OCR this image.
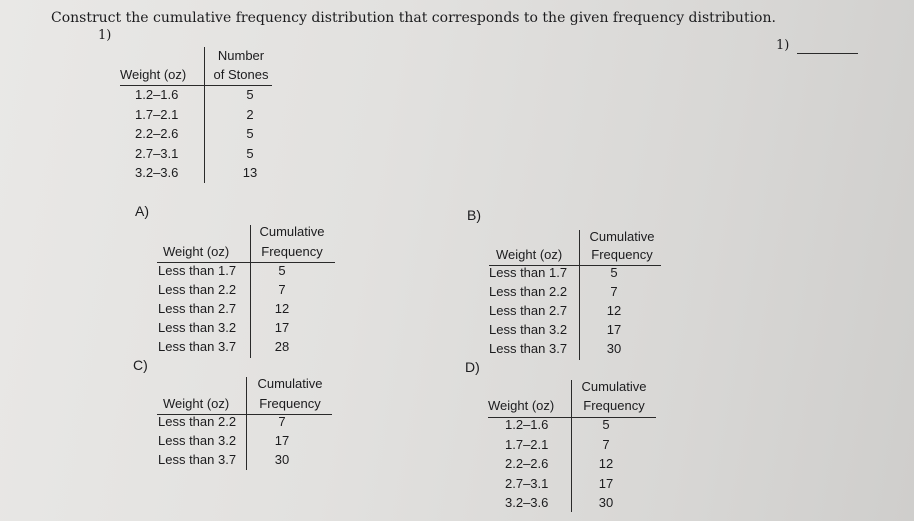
Construct the cumulative frequency distribution that corresponds to the given frequency distribution.
1)
1)
Number
Weight (oz)	of Stones
1.2–1.6	5
1.7–2.1	2
2.2–2.6	5
2.7–3.1	5
3.2–3.6	13
A)
Cumulative
Weight (oz)	Frequency
Less than 1.7	5
Less than 2.2	7
Less than 2.7	12
Less than 3.2	17
Less than 3.7	28
B)
Cumulative
Weight (oz)	Frequency
Less than 1.7	5
Less than 2.2	7
Less than 2.7	12
Less than 3.2	17
Less than 3.7	30
C)
Cumulative
Weight (oz)	Frequency
Less than 2.2	7
Less than 3.2	17
Less than 3.7	30
D)
Cumulative
Weight (oz)	Frequency
1.2–1.6	5
1.7–2.1	7
2.2–2.6	12
2.7–3.1	17
3.2–3.6	30
